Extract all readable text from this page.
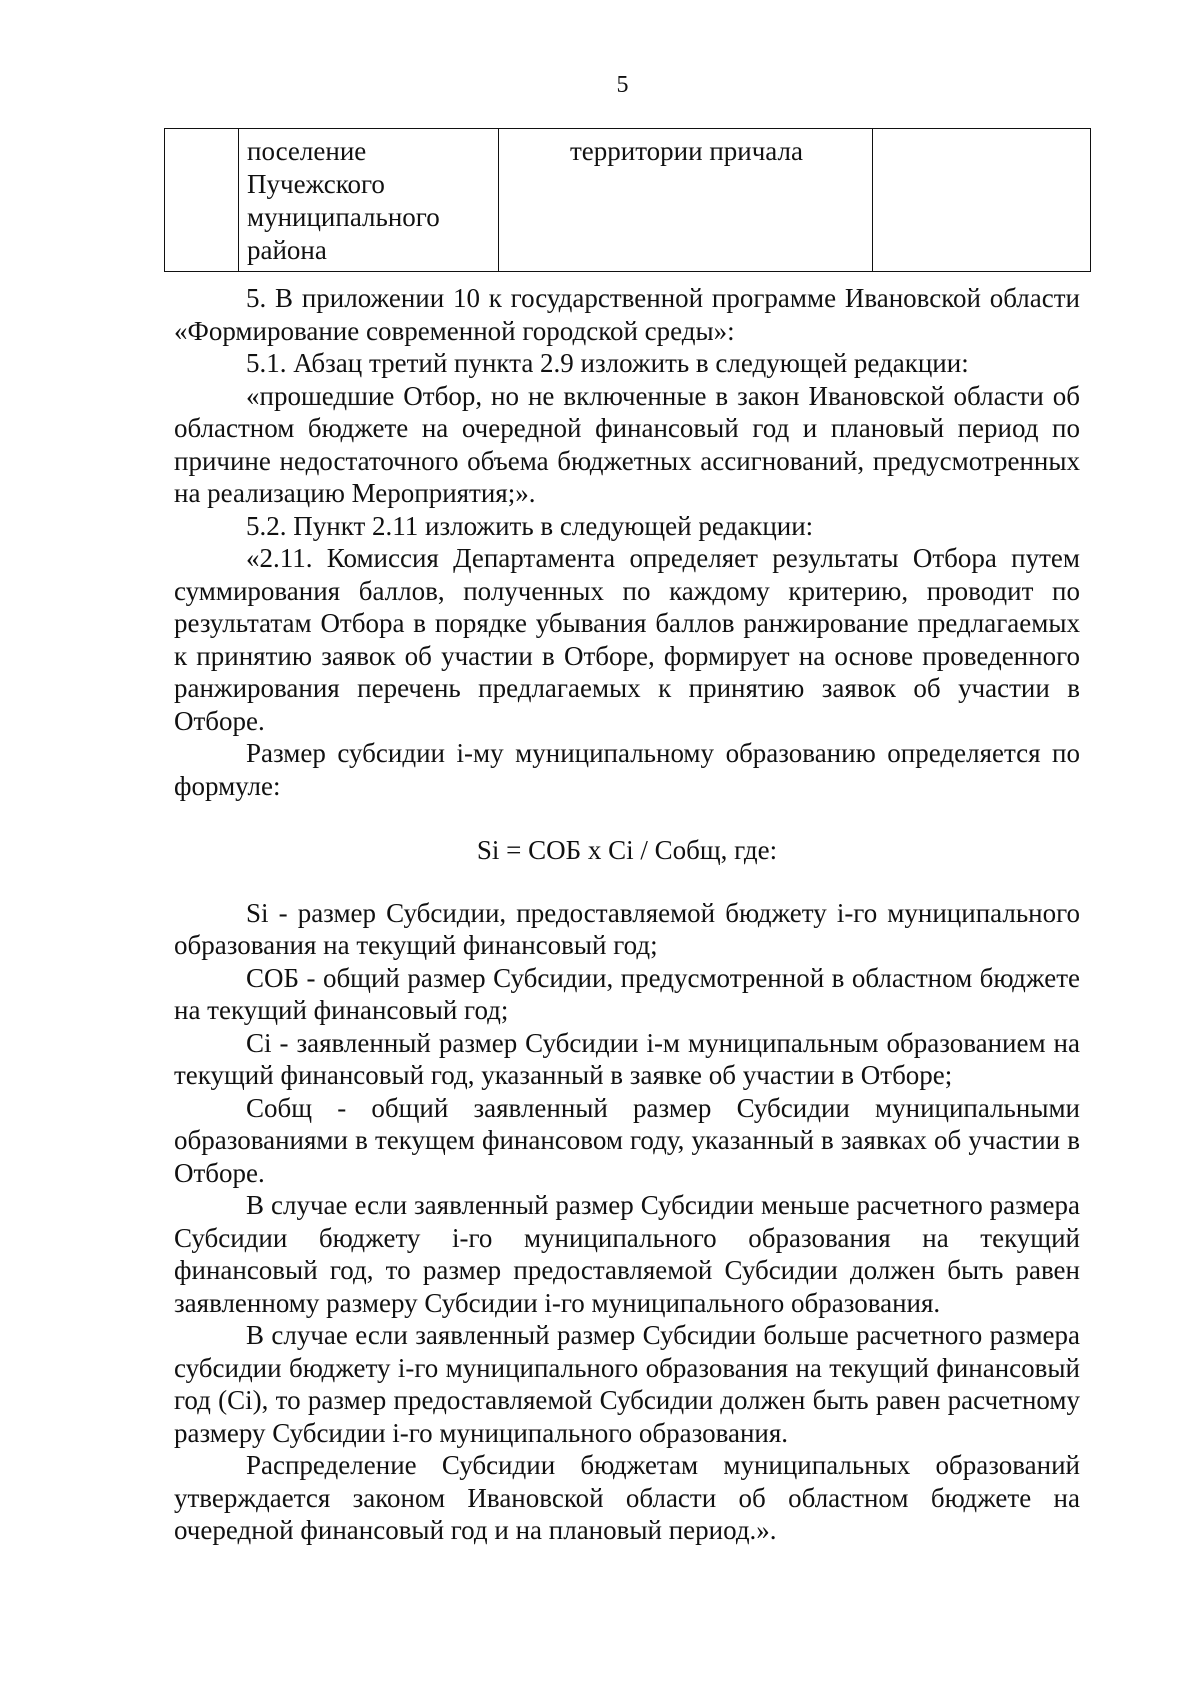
5
	поселение Пучежского муниципального района	территории причала	

5. В приложении 10 к государственной программе Ивановской области «Формирование современной городской среды»:

5.1. Абзац третий пункта 2.9 изложить в следующей редакции:

«прошедшие Отбор, но не включенные в закон Ивановской области об областном бюджете на очередной финансовый год и плановый период по причине недостаточного объема бюджетных ассигнований, предусмотренных на реализацию Мероприятия;».

5.2. Пункт 2.11 изложить в следующей редакции:

«2.11. Комиссия Департамента определяет результаты Отбора путем суммирования баллов, полученных по каждому критерию, проводит по результатам Отбора в порядке убывания баллов ранжирование предлагаемых к принятию заявок об участии в Отборе, формирует на основе проведенного ранжирования перечень предлагаемых к принятию заявок об участии в Отборе.

Размер субсидии i-му муниципальному образованию определяется по формуле:

Si = СОБ x Ci / Собщ, где:

Si - размер Субсидии, предоставляемой бюджету i-го муниципального образования на текущий финансовый год;

СОБ - общий размер Субсидии, предусмотренной в областном бюджете на текущий финансовый год;

Ci - заявленный размер Субсидии i-м муниципальным образованием на текущий финансовый год, указанный в заявке об участии в Отборе;

Собщ - общий заявленный размер Субсидии муниципальными образованиями в текущем финансовом году, указанный в заявках об участии в Отборе.

В случае если заявленный размер Субсидии меньше расчетного размера Субсидии бюджету i-го муниципального образования на текущий финансовый год, то размер предоставляемой Субсидии должен быть равен заявленному размеру Субсидии i-го муниципального образования.

В случае если заявленный размер Субсидии больше расчетного размера субсидии бюджету i-го муниципального образования на текущий финансовый год (Ci), то размер предоставляемой Субсидии должен быть равен расчетному размеру Субсидии i-го муниципального образования.

Распределение Субсидии бюджетам муниципальных образований утверждается законом Ивановской области об областном бюджете на очередной финансовый год и на плановый период.».
